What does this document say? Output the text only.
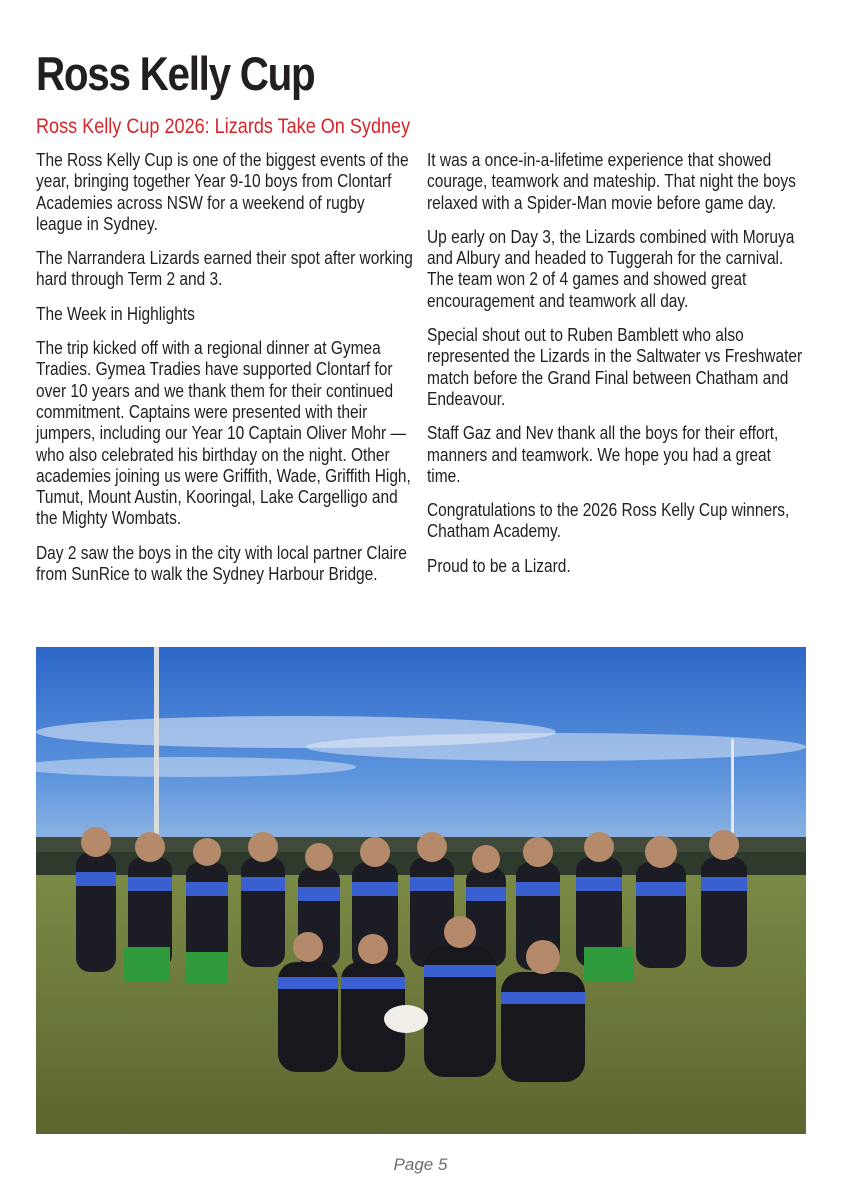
Ross Kelly Cup
Ross Kelly Cup 2026: Lizards Take On Sydney

The Ross Kelly Cup is one of the biggest events of the year, bringing together Year 9-10 boys from Clontarf Academies across NSW for a weekend of rugby league in Sydney.

The Narrandera Lizards earned their spot after working hard through Term 2 and 3.

The Week in Highlights

The trip kicked off with a regional dinner at Gymea Tradies. Gymea Tradies have supported Clontarf for over 10 years and we thank them for their continued commitment. Captains were presented with their jumpers, including our Year 10 Captain Oliver Mohr — who also celebrated his birthday on the night. Other academies joining us were Griffith, Wade, Griffith High, Tumut, Mount Austin, Kooringal, Lake Cargelligo and the Mighty Wombats.

Day 2 saw the boys in the city with local partner Claire from SunRice to walk the Sydney Harbour Bridge.

It was a once-in-a-lifetime experience that showed courage, teamwork and mateship. That night the boys relaxed with a Spider-Man movie before game day.

Up early on Day 3, the Lizards combined with Moruya and Albury and headed to Tuggerah for the carnival. The team won 2 of 4 games and showed great encouragement and teamwork all day.

Special shout out to Ruben Bamblett who also represented the Lizards in the Saltwater vs Freshwater match before the Grand Final between Chatham and Endeavour.

Staff Gaz and Nev thank all the boys for their effort, manners and teamwork. We hope you had a great time.

Congratulations to the 2026 Ross Kelly Cup winners, Chatham Academy.

Proud to be a Lizard.

Page 5
